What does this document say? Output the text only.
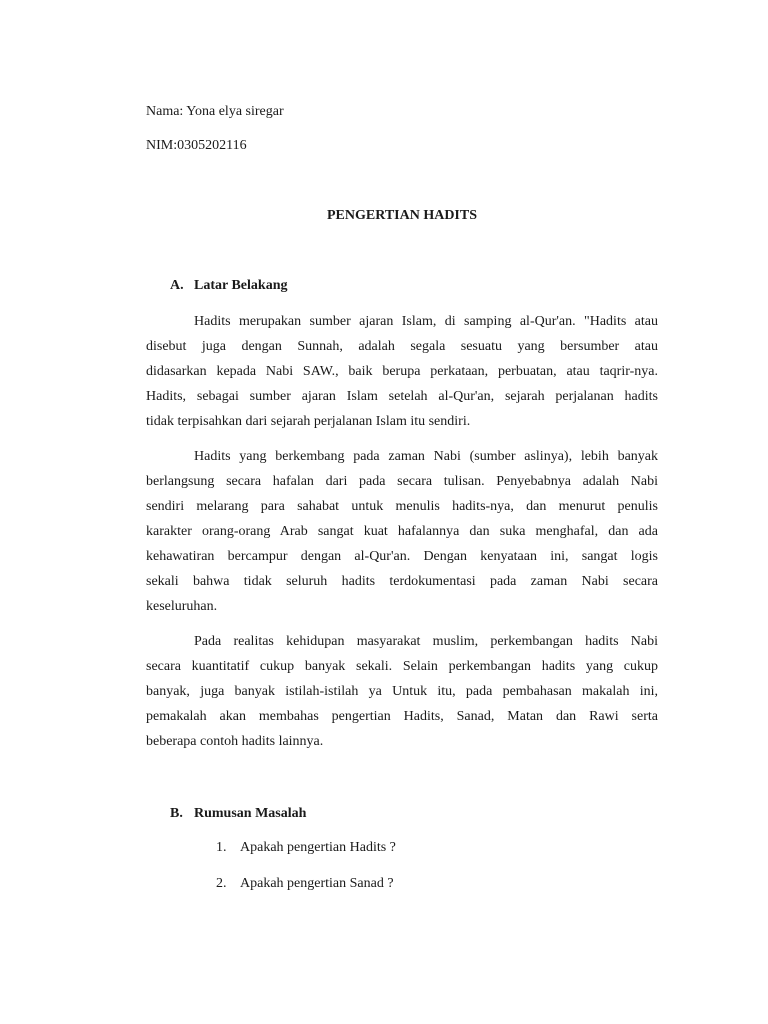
Nama: Yona elya siregar
NIM:0305202116
PENGERTIAN HADITS
A. Latar Belakang
Hadits merupakan sumber ajaran Islam, di samping al-Qur'an. "Hadits atau
disebut juga dengan Sunnah, adalah segala sesuatu yang bersumber atau
didasarkan kepada Nabi SAW., baik berupa perkataan, perbuatan, atau taqrir-nya.
Hadits, sebagai sumber ajaran Islam setelah al-Qur'an, sejarah perjalanan hadits
tidak terpisahkan dari sejarah perjalanan Islam itu sendiri.
Hadits yang berkembang pada zaman Nabi (sumber aslinya), lebih banyak
berlangsung secara hafalan dari pada secara tulisan. Penyebabnya adalah Nabi
sendiri melarang para sahabat untuk menulis hadits-nya, dan menurut penulis
karakter orang-orang Arab sangat kuat hafalannya dan suka menghafal, dan ada
kehawatiran bercampur dengan al-Qur'an. Dengan kenyataan ini, sangat logis
sekali bahwa tidak seluruh hadits terdokumentasi pada zaman Nabi secara
keseluruhan.
Pada realitas kehidupan masyarakat muslim, perkembangan hadits Nabi
secara kuantitatif cukup banyak sekali. Selain perkembangan hadits yang cukup
banyak, juga banyak istilah-istilah ya Untuk itu, pada pembahasan makalah ini,
pemakalah akan membahas pengertian Hadits, Sanad, Matan dan Rawi serta
beberapa contoh hadits lainnya.
B. Rumusan Masalah
1. Apakah pengertian Hadits ?
2. Apakah pengertian Sanad ?
